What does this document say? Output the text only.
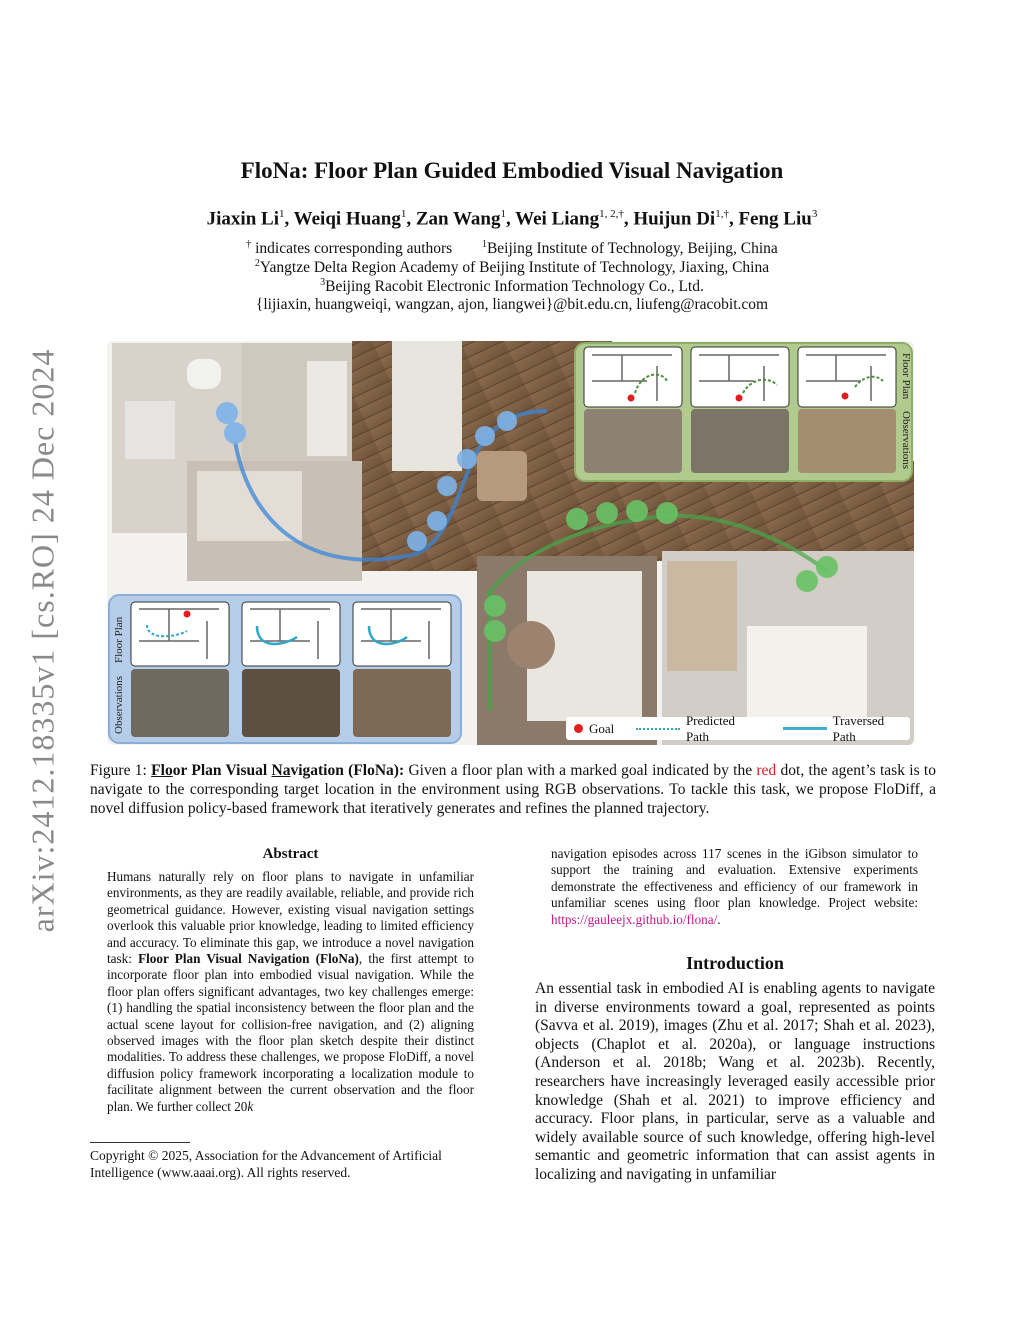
arXiv:2412.18335v1 [cs.RO] 24 Dec 2024
FloNa: Floor Plan Guided Embodied Visual Navigation
Jiaxin Li$^1$, Weiqi Huang$^1$, Zan Wang$^1$, Wei Liang$^{1, 2,\dagger}$, Huijun $Di^{1,\dagger}$, Feng Liu$^3$
† indicates corresponding authors	$^1$Beijing Institute of Technology, Beijing, China
$^2$Yangtze Delta Region Academy of Beijing Institute of Technology, Jiaxing, China
$^3$Beijing Racobit Electronic Information Technology Co., Ltd.
{lijiaxin, huangweiqi, wangzan, ajon, liangwei}@bit.edu.cn, liufeng@racobit.com
Floor Plan
Observations
Floor Plan
Observations
Goal
Predicted Path
Traversed Path
Figure 1: Floor Plan Visual Navigation (FloNa): Given a floor plan with a marked goal indicated by the red dot, the agent’s task is to navigate to the corresponding target location in the environment using RGB observations. To tackle this task, we propose FloDiff, a novel diffusion policy-based framework that iteratively generates and refines the planned trajectory.
Abstract
Humans naturally rely on floor plans to navigate in unfamiliar environments, as they are readily available, reliable, and provide rich geometrical guidance. However, existing visual navigation settings overlook this valuable prior knowledge, leading to limited efficiency and accuracy. To eliminate this gap, we introduce a novel navigation task: Floor Plan Visual Navigation (FloNa), the first attempt to incorporate floor plan into embodied visual navigation. While the floor plan offers significant advantages, two key challenges emerge: (1) handling the spatial inconsistency between the floor plan and the actual scene layout for collision-free navigation, and (2) aligning observed images with the floor plan sketch despite their distinct modalities. To address these challenges, we propose FloDiff, a novel diffusion policy framework incorporating a localization module to facilitate alignment between the current observation and the floor plan. We further collect 20k
navigation episodes across 117 scenes in the iGibson simulator to support the training and evaluation. Extensive experiments demonstrate the effectiveness and efficiency of our framework in unfamiliar scenes using floor plan knowledge. Project website: https://gauleejx.github.io/flona/.
Copyright © 2025, Association for the Advancement of Artificial Intelligence (www.aaai.org). All rights reserved.
Introduction
An essential task in embodied AI is enabling agents to navigate in diverse environments toward a goal, represented as points (Savva et al. 2019), images (Zhu et al. 2017; Shah et al. 2023), objects (Chaplot et al. 2020a), or language instructions (Anderson et al. 2018b; Wang et al. 2023b). Recently, researchers have increasingly leveraged easily accessible prior knowledge (Shah et al. 2021) to improve efficiency and accuracy. Floor plans, in particular, serve as a valuable and widely available source of such knowledge, offering high-level semantic and geometric information that can assist agents in localizing and navigating in unfamiliar
